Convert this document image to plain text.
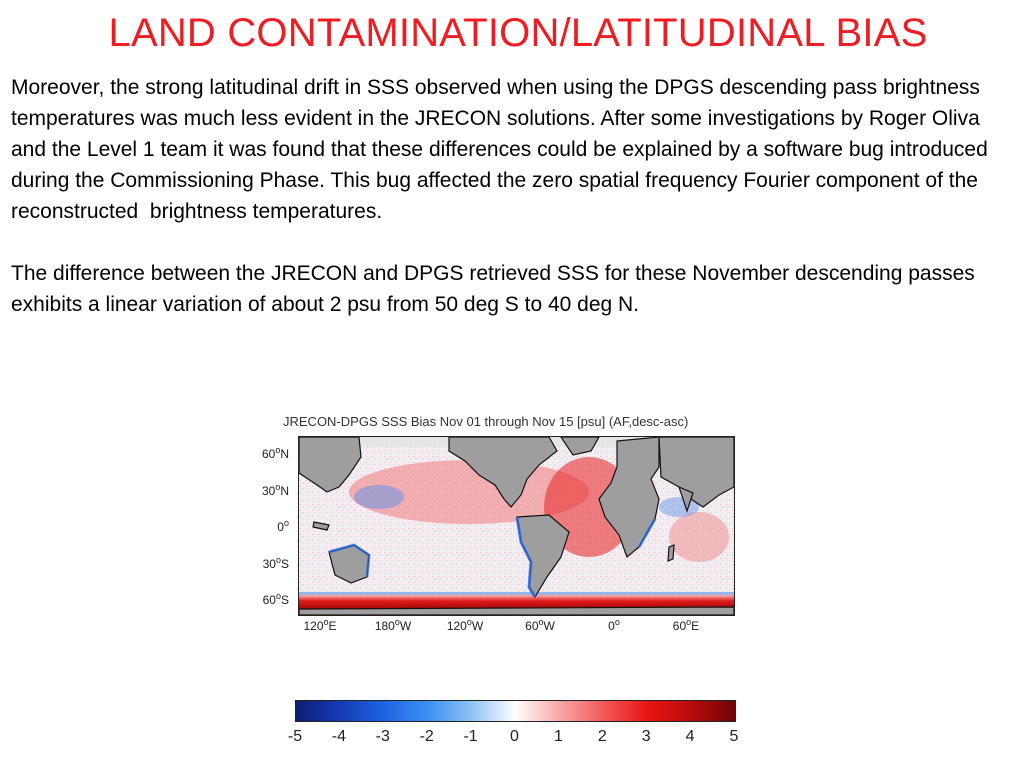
LAND CONTAMINATION/LATITUDINAL BIAS

Moreover, the strong latitudinal drift in SSS observed when using the DPGS descending pass brightness temperatures was much less evident in the JRECON solutions. After some investigations by Roger Oliva and the Level 1 team it was found that these differences could be explained by a software bug introduced during the Commissioning Phase. This bug affected the zero spatial frequency Fourier component of the reconstructed  brightness temperatures.

The difference between the JRECON and DPGS retrieved SSS for these November descending passes exhibits a linear variation of about 2 psu from 50 deg S to 40 deg N.

JRECON-DPGS SSS Bias Nov 01 through Nov 15 [psu] (AF,desc-asc)
60$^o$N
30$^o$N
0$^o$
30$^o$S
60$^o$S
120$^o$E	180$^o$W	120$^o$W	60$^o$W	0$^o$	60$^o$E
-5 -4 -3 -2 -1 0 1 2 3 4 5
